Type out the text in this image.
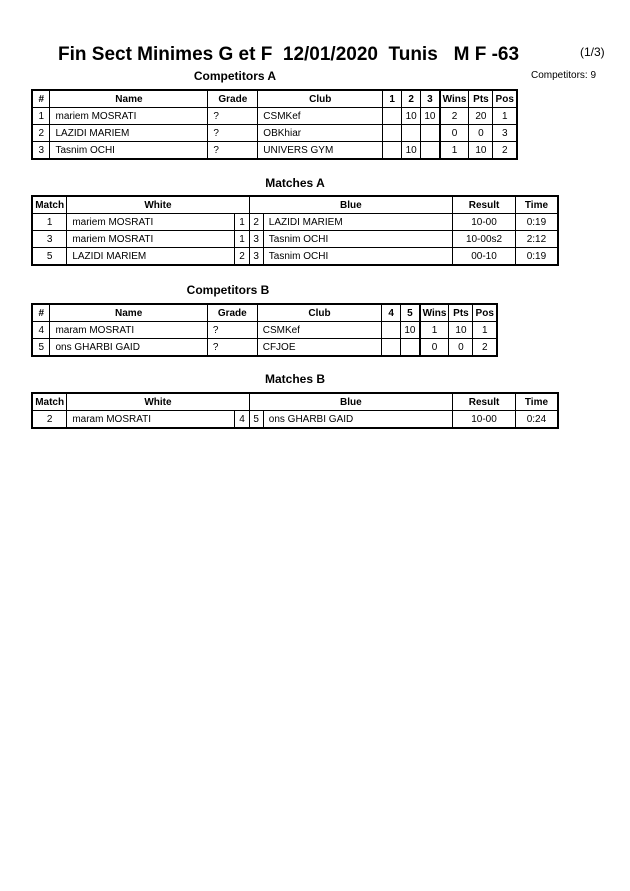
Fin Sect Minimes G et F  12/01/2020  Tunis   M F -63	(1/3)
Competitors: 9
Competitors A
#	Name	Grade	Club	1	2	3	Wins	Pts	Pos
1	mariem MOSRATI	?	CSMKef		10	10	2	20	1
2	LAZIDI MARIEM	?	OBKhiar				0	0	3
3	Tasnim OCHI	?	UNIVERS GYM		10		1	10	2
Matches A
Match	White		Blue		Result	Time
1	mariem MOSRATI	1	2	LAZIDI MARIEM	10-00	0:19
3	mariem MOSRATI	1	3	Tasnim OCHI	10-00s2	2:12
5	LAZIDI MARIEM	2	3	Tasnim OCHI	00-10	0:19
Competitors B
#	Name	Grade	Club	4	5	Wins	Pts	Pos
4	maram MOSRATI	?	CSMKef		10	1	10	1
5	ons GHARBI GAID	?	CFJOE			0	0	2
Matches B
Match	White		Blue		Result	Time
2	maram MOSRATI	4	5	ons GHARBI GAID	10-00	0:24
